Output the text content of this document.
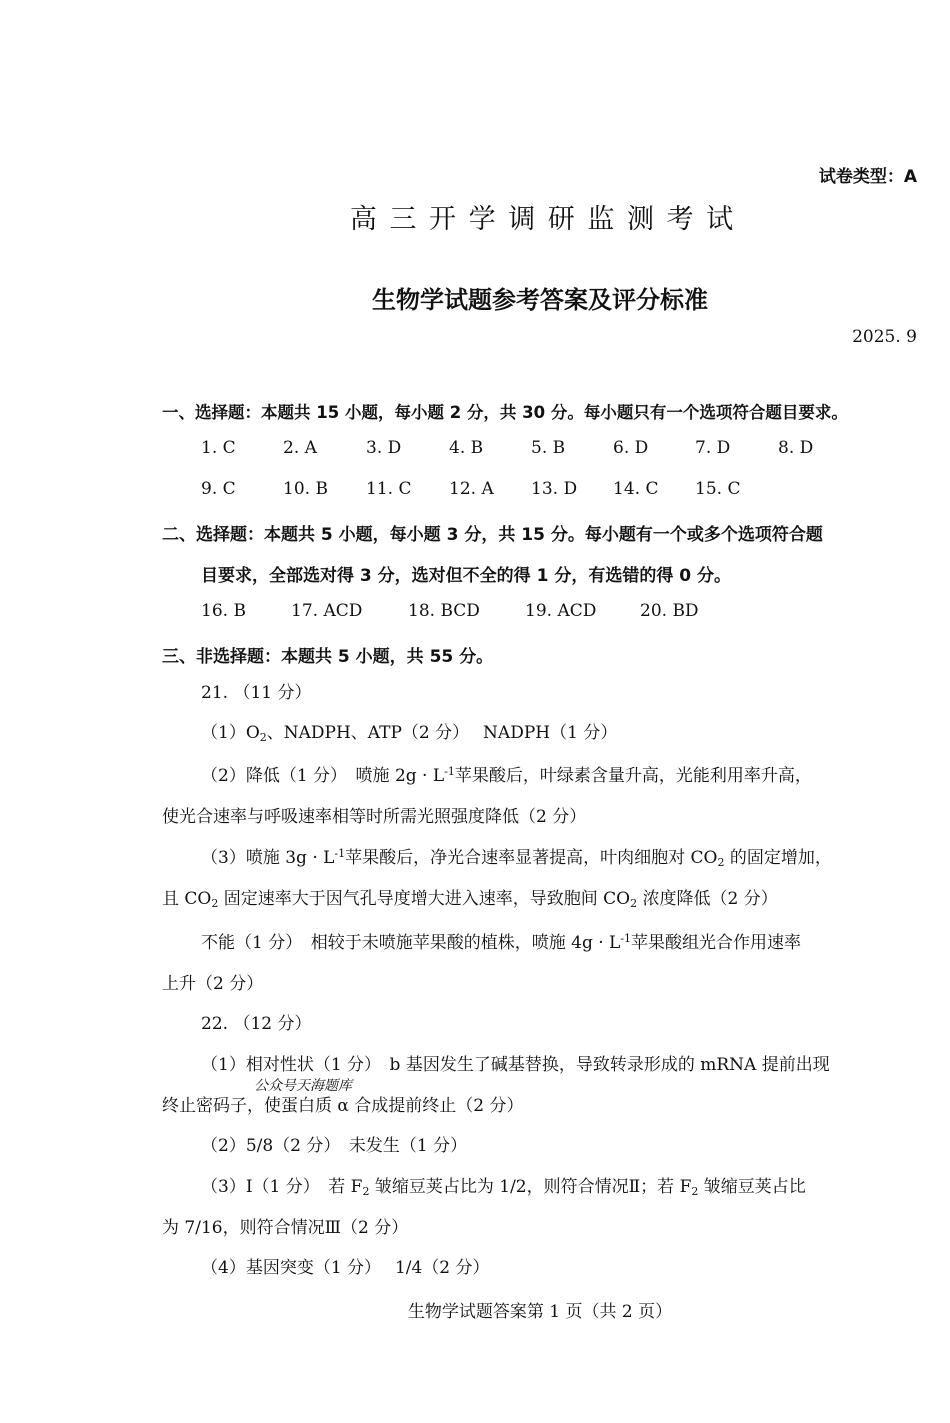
试卷类型：A
高 三 开 学 调 研 监 测 考 试
生物学试题参考答案及评分标准
2025. 9
一、选择题：本题共 15 小题，每小题 2 分，共 30 分。每小题只有一个选项符合题目要求。
1. C	2. A	3. D	4. B	5. B	6. D	7. D	8. D
9. C	10. B	11. C	12. A	13. D	14. C	15. C
二、选择题：本题共 5 小题，每小题 3 分，共 15 分。每小题有一个或多个选项符合题
目要求，全部选对得 3 分，选对但不全的得 1 分，有选错的得 0 分。
16. B	17. ACD	18. BCD	19. ACD	20. BD
三、非选择题：本题共 5 小题，共 55 分。
21. （11 分）
$(1)O_2$、NADPH、ATP（2 分）　 NADPH（1 分）
（2）降低（1 分）　喷施 $2g \cdot L^{-1}$苹果酸后，叶绿素含量升高，光能利用率升高，
使光合速率与呼吸速率相等时所需光照强度降低（2 分）
（3）喷施 $3g \cdot L^{-1}$苹果酸后，净光合速率显著提高，叶肉细胞对 $CO_2$ 的固定增加，
且 $CO_2$ 固定速率大于因气孔导度增大进入速率，导致胞间 $CO_2$ 浓度降低（2 分）
不能（1 分）　相较于未喷施苹果酸的植株，喷施 $4g \cdot L^{-1}$苹果酸组光合作用速率
上升（2 分）
22. （12 分）
（1）相对性状（1 分）　b 基因发生了碱基替换，导致转录形成的 mRNA 提前出现
公众号天海题库
终止密码子，使蛋白质 α 合成提前终止（2 分）
（2）5/8（2 分）　未发生（1 分）
（3）Ⅰ（1 分）　若 $F_2$ 皱缩豆荚占比为 1/2，则符合情况Ⅱ；若 $F_2$ 皱缩豆荚占比
为 7/16，则符合情况Ⅲ（2 分）
（4）基因突变（1 分）　 1/4（2 分）
生物学试题答案第 1 页（共 2 页）
